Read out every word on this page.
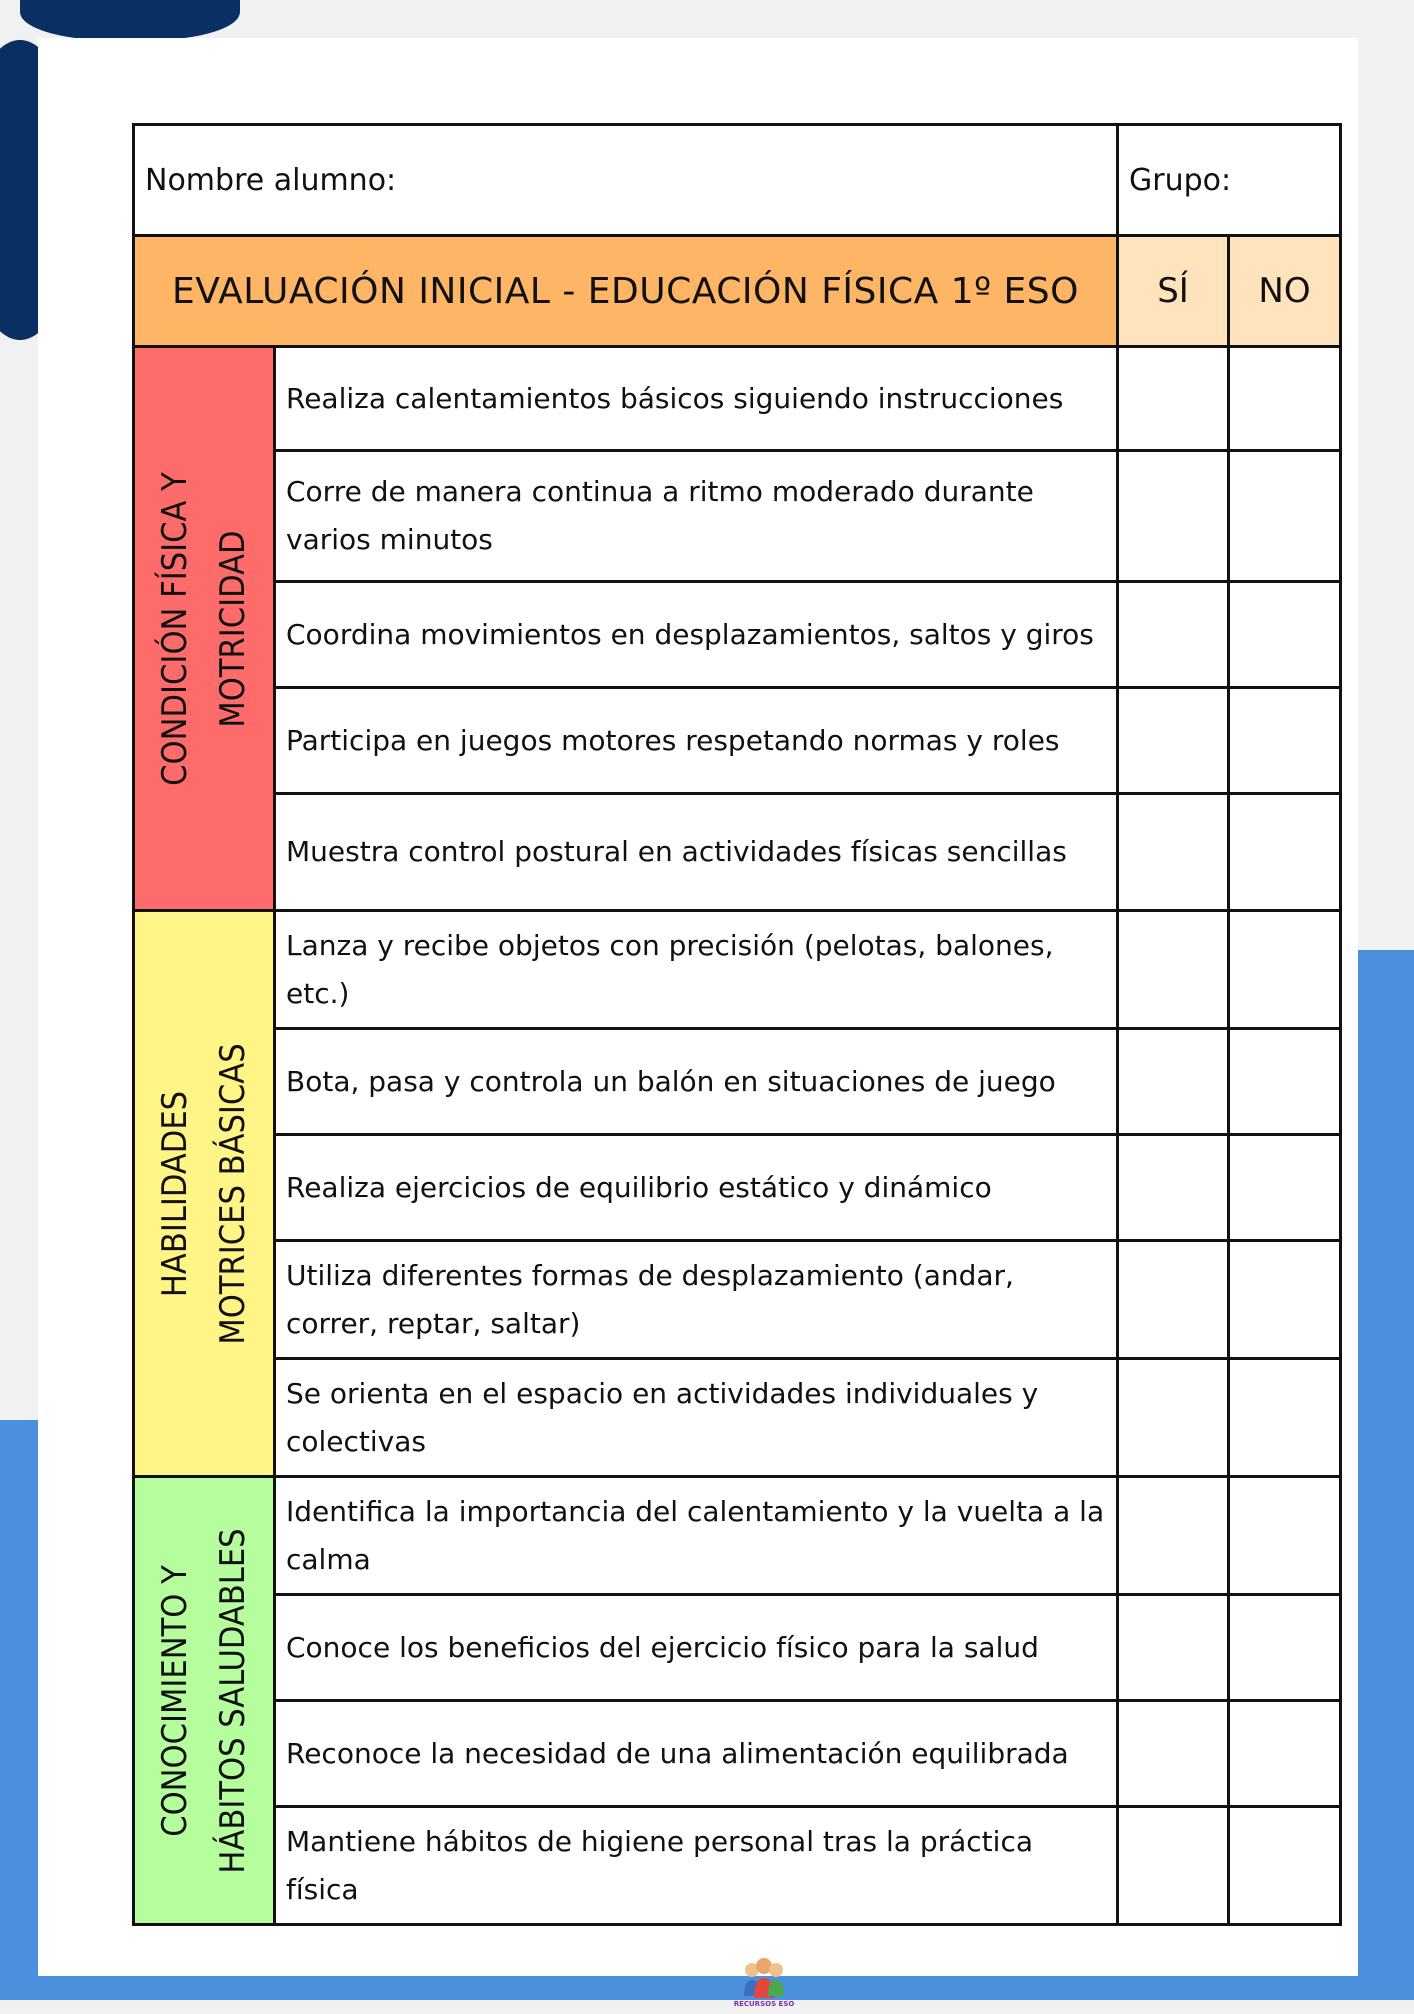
Nombre alumno:		Grupo:	
EVALUACIÓN INICIAL - EDUCACIÓN FÍSICA 1º ESO		SÍ	NO

CONDICIÓN FÍSICA Y MOTRICIDAD	Realiza calentamientos básicos siguiendo instrucciones		
	Corre de manera continua a ritmo moderado durante varios minutos		
	Coordina movimientos en desplazamientos, saltos y giros		
	Participa en juegos motores respetando normas y roles		
	Muestra control postural en actividades físicas sencillas		

HABILIDADES MOTRICES BÁSICAS	Lanza y recibe objetos con precisión (pelotas, balones, etc.)		
	Bota, pasa y controla un balón en situaciones de juego		
	Realiza ejercicios de equilibrio estático y dinámico		
	Utiliza diferentes formas de desplazamiento (andar, correr, reptar, saltar)		
	Se orienta en el espacio en actividades individuales y colectivas		

CONOCIMIENTO Y HÁBITOS SALUDABLES	Identifica la importancia del calentamiento y la vuelta a la calma		
	Conoce los beneficios del ejercicio físico para la salud		
	Reconoce la necesidad de una alimentación equilibrada		
	Mantiene hábitos de higiene personal tras la práctica física		
RECURSOS ESO
